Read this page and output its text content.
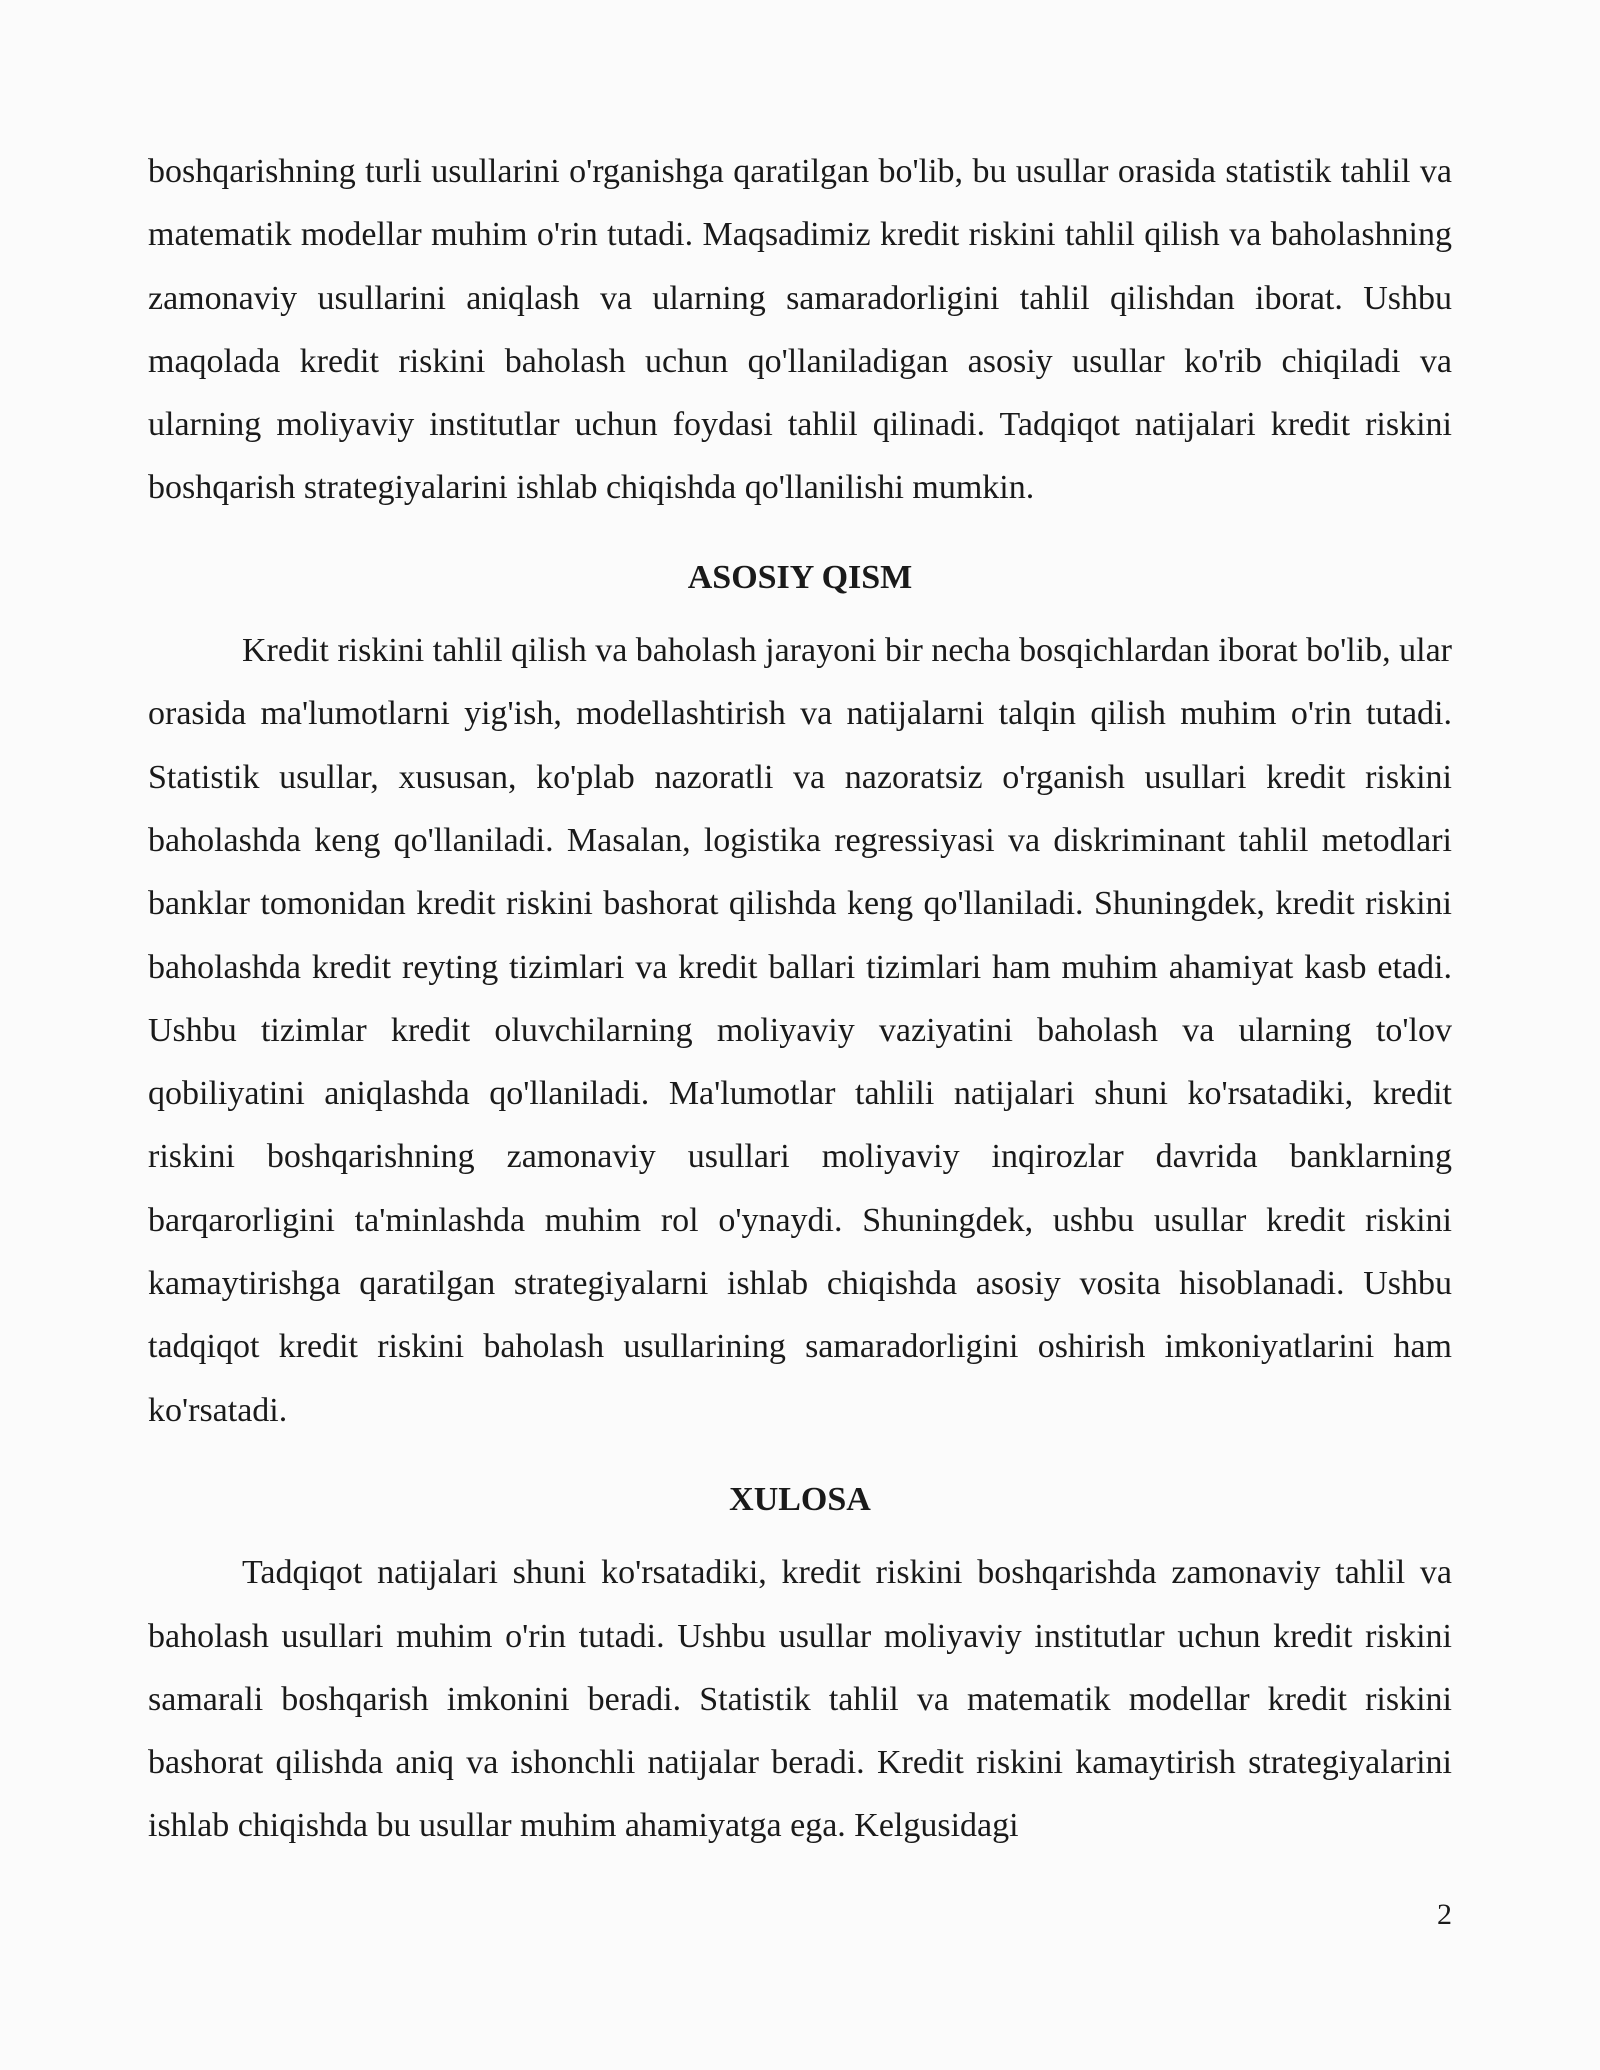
boshqarishning turli usullarini o'rganishga qaratilgan bo'lib, bu usullar orasida statistik tahlil va matematik modellar muhim o'rin tutadi. Maqsadimiz kredit riskini tahlil qilish va baholashning zamonaviy usullarini aniqlash va ularning samaradorligini tahlil qilishdan iborat. Ushbu maqolada kredit riskini baholash uchun qo'llaniladigan asosiy usullar ko'rib chiqiladi va ularning moliyaviy institutlar uchun foydasi tahlil qilinadi. Tadqiqot natijalari kredit riskini boshqarish strategiyalarini ishlab chiqishda qo'llanilishi mumkin.

ASOSIY QISM

Kredit riskini tahlil qilish va baholash jarayoni bir necha bosqichlardan iborat bo'lib, ular orasida ma'lumotlarni yig'ish, modellashtirish va natijalarni talqin qilish muhim o'rin tutadi. Statistik usullar, xususan, ko'plab nazoratli va nazoratsiz o'rganish usullari kredit riskini baholashda keng qo'llaniladi. Masalan, logistika regressiyasi va diskriminant tahlil metodlari banklar tomonidan kredit riskini bashorat qilishda keng qo'llaniladi. Shuningdek, kredit riskini baholashda kredit reyting tizimlari va kredit ballari tizimlari ham muhim ahamiyat kasb etadi. Ushbu tizimlar kredit oluvchilarning moliyaviy vaziyatini baholash va ularning to'lov qobiliyatini aniqlashda qo'llaniladi. Ma'lumotlar tahlili natijalari shuni ko'rsatadiki, kredit riskini boshqarishning zamonaviy usullari moliyaviy inqirozlar davrida banklarning barqarorligini ta'minlashda muhim rol o'ynaydi. Shuningdek, ushbu usullar kredit riskini kamaytirishga qaratilgan strategiyalarni ishlab chiqishda asosiy vosita hisoblanadi. Ushbu tadqiqot kredit riskini baholash usullarining samaradorligini oshirish imkoniyatlarini ham ko'rsatadi.

XULOSA

Tadqiqot natijalari shuni ko'rsatadiki, kredit riskini boshqarishda zamonaviy tahlil va baholash usullari muhim o'rin tutadi. Ushbu usullar moliyaviy institutlar uchun kredit riskini samarali boshqarish imkonini beradi. Statistik tahlil va matematik modellar kredit riskini bashorat qilishda aniq va ishonchli natijalar beradi. Kredit riskini kamaytirish strategiyalarini ishlab chiqishda bu usullar muhim ahamiyatga ega. Kelgusidagi

2
